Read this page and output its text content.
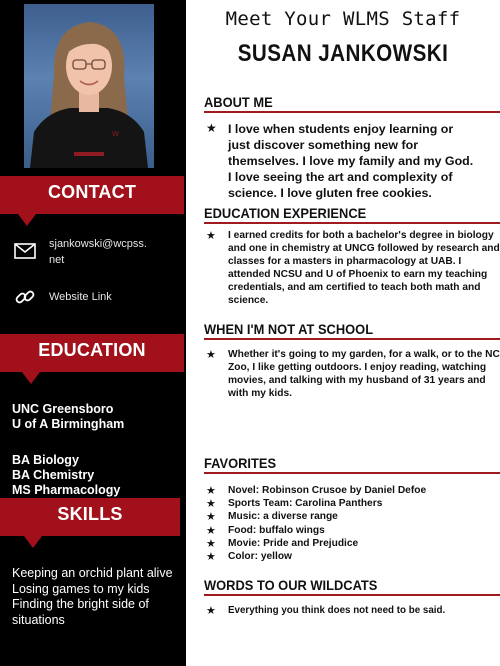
W
CONTACT
sjankowski@wcpss.net
Website Link
EDUCATION
UNC Greensboro
U of A Birmingham
BA Biology
BA Chemistry
MS Pharmacology
SKILLS
Keeping an orchid plant alive
Losing games to my kids
Finding the bright side of situations
Meet Your WLMS Staff
SUSAN JANKOWSKI
ABOUT ME
★ I love when students enjoy learning or just discover something new for themselves. I love my family and my God. I love seeing the art and complexity of science. I love gluten free cookies.
EDUCATION EXPERIENCE
★	I earned credits for both a bachelor's degree in biology and one in chemistry at UNCG followed by research and classes for a masters in pharmacology at UAB. I attended NCSU and U of Phoenix to earn my teaching credentials, and am certified to teach both math and science.
WHEN I'M NOT AT SCHOOL
★	Whether it's going to my garden, for a walk, or to the NC Zoo, I like getting outdoors. I enjoy reading, watching movies, and talking with my husband of 31 years and with my kids.
FAVORITES
★	Novel: Robinson Crusoe by Daniel Defoe
★	Sports Team: Carolina Panthers
★	Music: a diverse range
★	Food: buffalo wings
★	Movie: Pride and Prejudice
★	Color: yellow
WORDS TO OUR WILDCATS
★	Everything you think does not need to be said.
